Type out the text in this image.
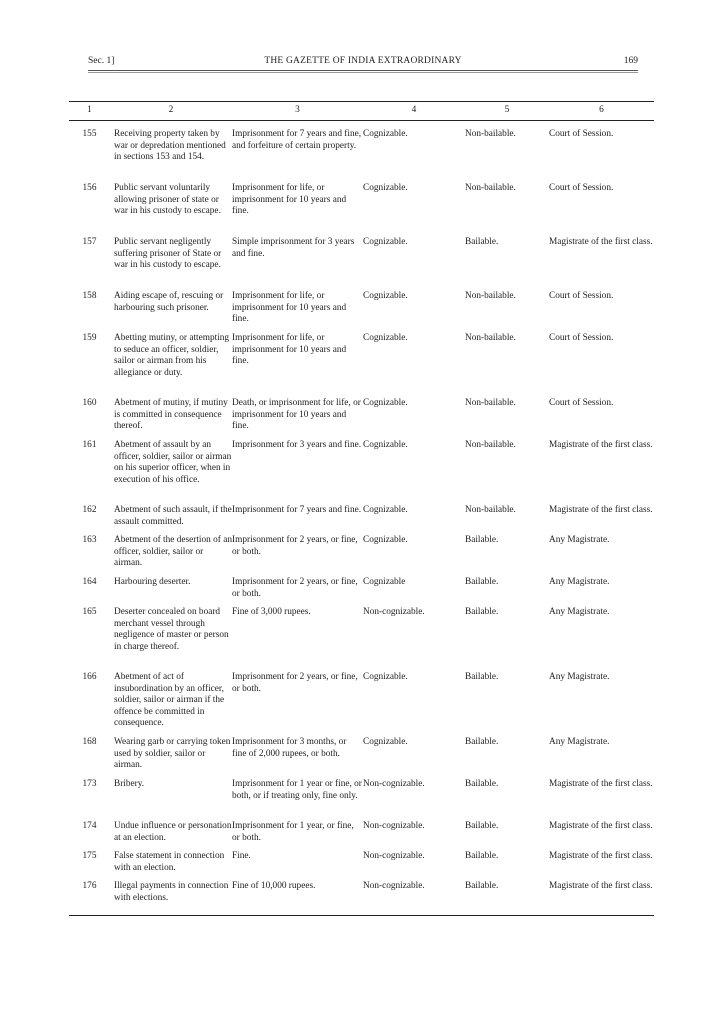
Sec. 1]	THE GAZETTE OF INDIA EXTRAORDINARY	169
1	2	3	4	5	6

155	Receiving property taken by war or depredation mentioned in sections 153 and 154.	Imprisonment for 7 years and fine, and forfeiture of certain property.	Cognizable.	Non-bailable.	Court of Session.

156	Public servant voluntarily allowing prisoner of state or war in his custody to escape.	Imprisonment for life, or imprisonment for 10 years and fine.	Cognizable.	Non-bailable.	Court of Session.

157	Public servant negligently suffering prisoner of State or war in his custody to escape.	Simple imprisonment for 3 years and fine.	Cognizable.	Bailable.	Magistrate of the first class.

158	Aiding escape of, rescuing or harbouring such prisoner.	Imprisonment for life, or imprisonment for 10 years and fine.	Cognizable.	Non-bailable.	Court of Session.

159	Abetting mutiny, or attempting to seduce an officer, soldier, sailor or airman from his allegiance or duty.	Imprisonment for life, or imprisonment for 10 years and fine.	Cognizable.	Non-bailable.	Court of Session.

160	Abetment of mutiny, if mutiny is committed in consequence thereof.	Death, or imprisonment for life, or imprisonment for 10 years and fine.	Cognizable.	Non-bailable.	Court of Session.

161	Abetment of assault by an officer, soldier, sailor or airman on his superior officer, when in execution of his office.	Imprisonment for 3 years and fine.	Cognizable.	Non-bailable.	Magistrate of the first class.

162	Abetment of such assault, if the assault committed.	Imprisonment for 7 years and fine.	Cognizable.	Non-bailable.	Magistrate of the first class.

163	Abetment of the desertion of an officer, soldier, sailor or airman.	Imprisonment for 2 years, or fine, or both.	Cognizable.	Bailable.	Any Magistrate.

164	Harbouring deserter.	Imprisonment for 2 years, or fine, or both.	Cognizable	Bailable.	Any Magistrate.

165	Deserter concealed on board merchant vessel through negligence of master or person in charge thereof.	Fine of 3,000 rupees.	Non-cognizable.	Bailable.	Any Magistrate.

166	Abetment of act of insubordination by an officer, soldier, sailor or airman if the offence be committed in consequence.	Imprisonment for 2 years, or fine, or both.	Cognizable.	Bailable.	Any Magistrate.

168	Wearing garb or carrying token used by soldier, sailor or airman.	Imprisonment for 3 months, or fine of 2,000 rupees, or both.	Cognizable.	Bailable.	Any Magistrate.

173	Bribery.	Imprisonment for 1 year or fine, or both, or if treating only, fine only.	Non-cognizable.	Bailable.	Magistrate of the first class.

174	Undue influence or personation at an election.	Imprisonment for 1 year, or fine, or both.	Non-cognizable.	Bailable.	Magistrate of the first class.

175	False statement in connection with an election.	Fine.	Non-cognizable.	Bailable.	Magistrate of the first class.

176	Illegal payments in connection with elections.	Fine of 10,000 rupees.	Non-cognizable.	Bailable.	Magistrate of the first class.
